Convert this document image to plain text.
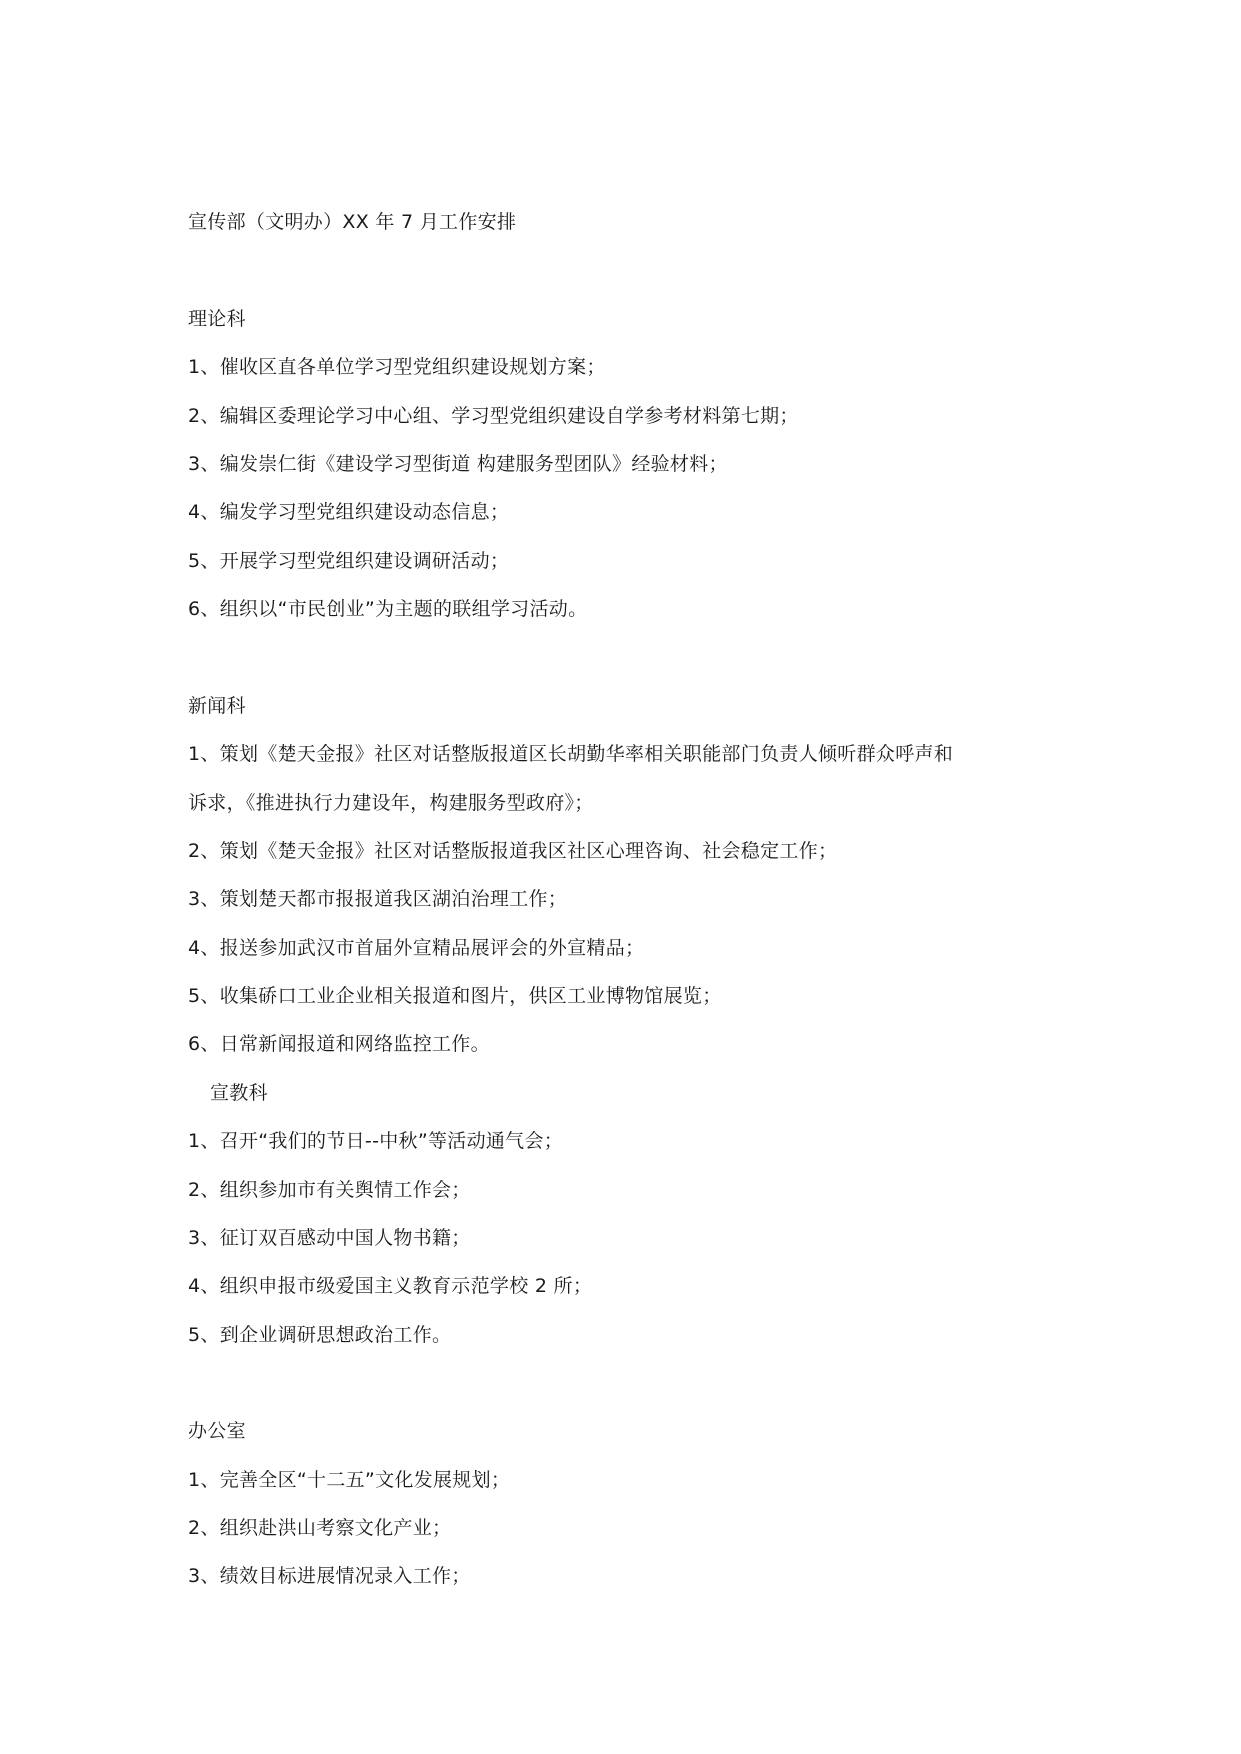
宣传部（文明办）XX 年 7 月工作安排
理论科
1、催收区直各单位学习型党组织建设规划方案；
2、编辑区委理论学习中心组、学习型党组织建设自学参考材料第七期；
3、编发崇仁街《建设学习型街道 构建服务型团队》经验材料；
4、编发学习型党组织建设动态信息；
5、开展学习型党组织建设调研活动；
6、组织以“市民创业”为主题的联组学习活动。
新闻科
1、策划《楚天金报》社区对话整版报道区长胡勤华率相关职能部门负责人倾听群众呼声和
诉求，《推进执行力建设年，构建服务型政府》；
2、策划《楚天金报》社区对话整版报道我区社区心理咨询、社会稳定工作；
3、策划楚天都市报报道我区湖泊治理工作；
4、报送参加武汉市首届外宣精品展评会的外宣精品；
5、收集硚口工业企业相关报道和图片，供区工业博物馆展览；
6、日常新闻报道和网络监控工作。
宣教科
1、召开“我们的节日--中秋”等活动通气会；
2、组织参加市有关舆情工作会；
3、征订双百感动中国人物书籍；
4、组织申报市级爱国主义教育示范学校 2 所；
5、到企业调研思想政治工作。
办公室
1、完善全区“十二五”文化发展规划；
2、组织赴洪山考察文化产业；
3、绩效目标进展情况录入工作；
